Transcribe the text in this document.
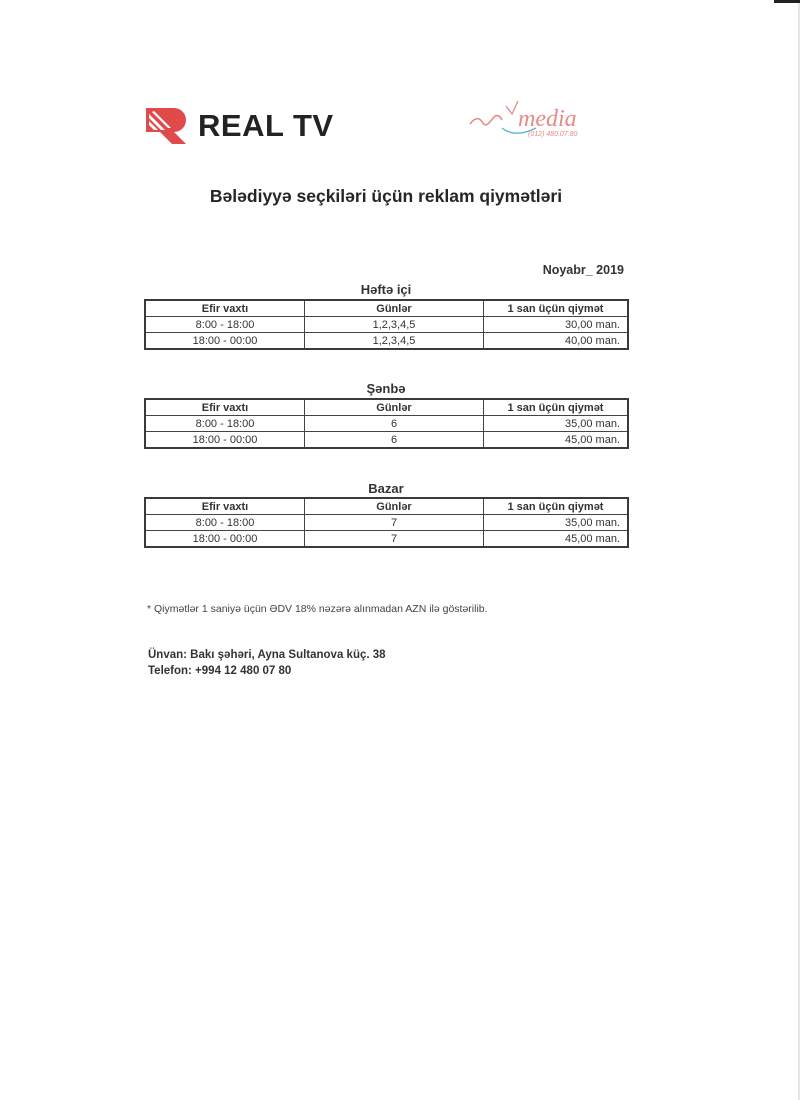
REAL TV	media
(012) 480.07.80
Bələdiyyə seçkiləri üçün reklam qiymətləri
Noyabr_ 2019
Həftə içi
Efir vaxtı	Günlər	1 san üçün qiymət
8:00 - 18:00	1,2,3,4,5	30,00 man.
18:00 - 00:00	1,2,3,4,5	40,00 man.
Şənbə
Efir vaxtı	Günlər	1 san üçün qiymət
8:00 - 18:00	6	35,00 man.
18:00 - 00:00	6	45,00 man.
Bazar
Efir vaxtı	Günlər	1 san üçün qiymət
8:00 - 18:00	7	35,00 man.
18:00 - 00:00	7	45,00 man.
* Qiymətlər 1 saniyə üçün ƏDV 18% nəzərə alınmadan AZN ilə göstərilib.
Ünvan: Bakı şəhəri, Ayna Sultanova küç. 38
Telefon: +994 12 480 07 80
